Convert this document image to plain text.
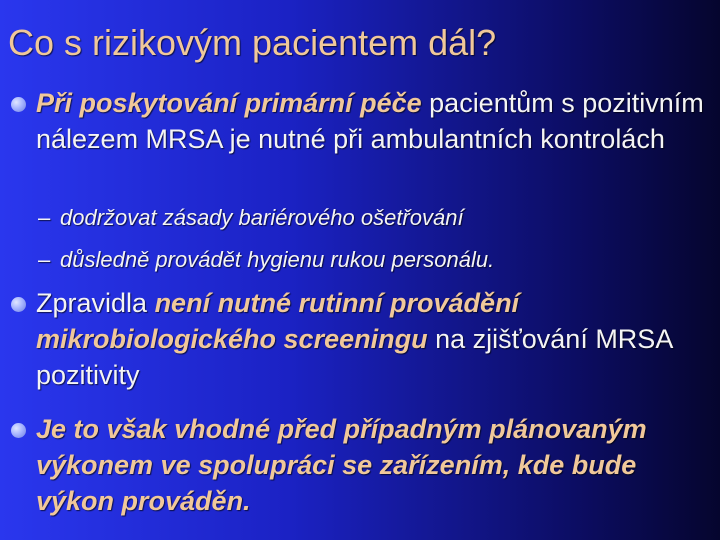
Co s rizikovým pacientem dál?
Při poskytování primární péče pacientům s pozitivním nálezem MRSA je nutné při ambulantních kontrolách
– dodržovat zásady bariérového ošetřování
– důsledně provádět hygienu rukou personálu.
Zpravidla není nutné rutinní provádění mikrobiologického screeningu na zjišťování MRSA pozitivity
Je to však vhodné před případným plánovaným výkonem ve spolupráci se zařízením, kde bude výkon prováděn.
